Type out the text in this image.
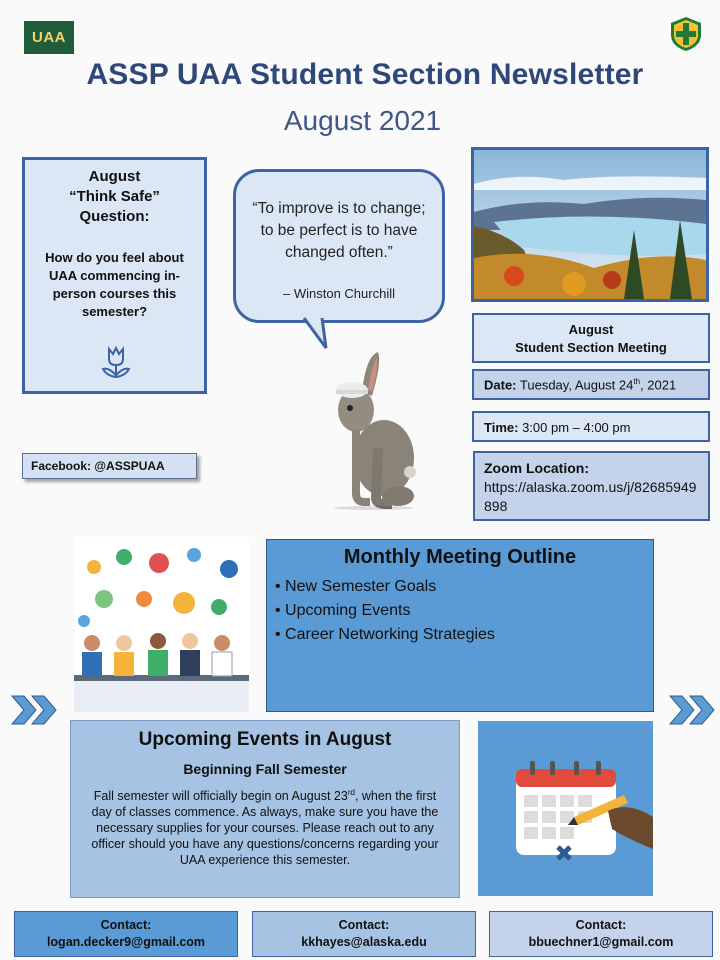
UAA
ASSP UAA Student Section Newsletter
August 2021
August
“Think Safe”
Question:
How do you feel about UAA commencing in-person courses this semester?
Facebook: @ASSPUAA
“To improve is to change; to be perfect is to have changed often.”
– Winston Churchill
August
Student Section Meeting
Date: Tuesday, August 24th, 2021
Time: 3:00 pm – 4:00 pm
Zoom Location:
https://alaska.zoom.us/j/82685949898
Monthly Meeting Outline
• New Semester Goals
• Upcoming Events
• Career Networking Strategies
Upcoming Events in August
Beginning Fall Semester
Fall semester will officially begin on August 23rd, when the first day of classes commence. As always, make sure you have the necessary supplies for your courses. Please reach out to any officer should you have any questions/concerns regarding your UAA experience this semester.
Contact:
logan.decker9@gmail.com
Contact:
kkhayes@alaska.edu
Contact:
bbuechner1@gmail.com
